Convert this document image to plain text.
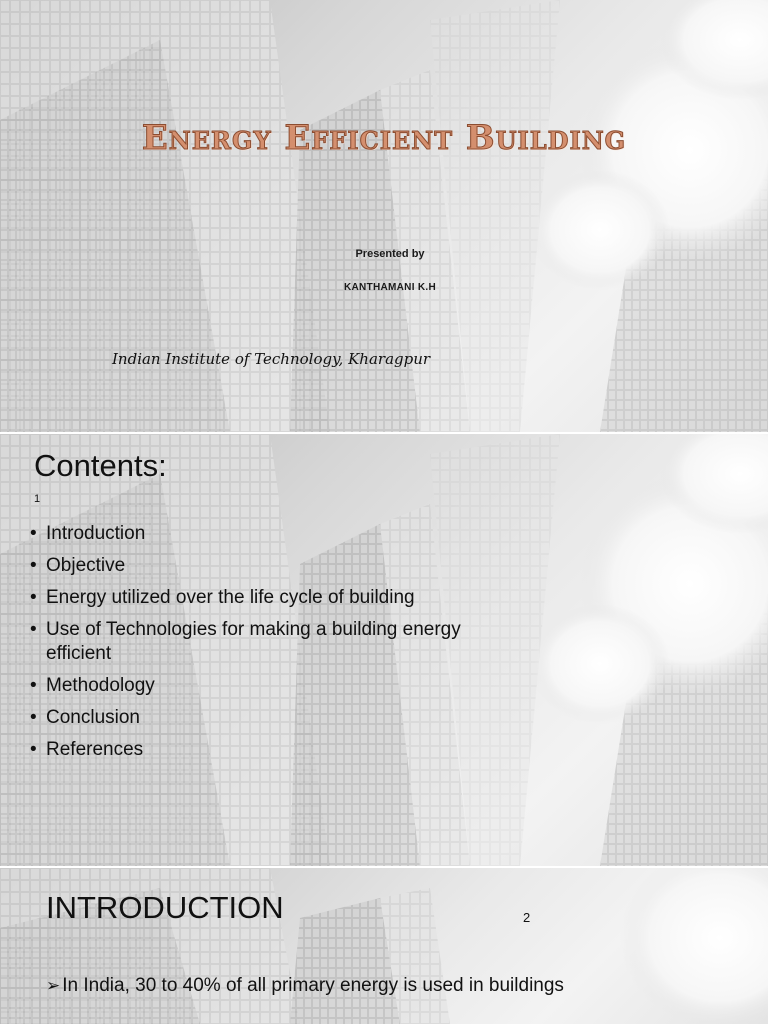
Energy Efficient Building
Presented by
KANTHAMANI K.H
Indian Institute of Technology, Kharagpur
Contents:
1
• Introduction
• Objective
• Energy utilized over the life cycle of building
• Use of Technologies for making a building energy efficient
• Methodology
• Conclusion
• References
INTRODUCTION	2
➢ In India, 30 to 40% of all primary energy is used in buildings
